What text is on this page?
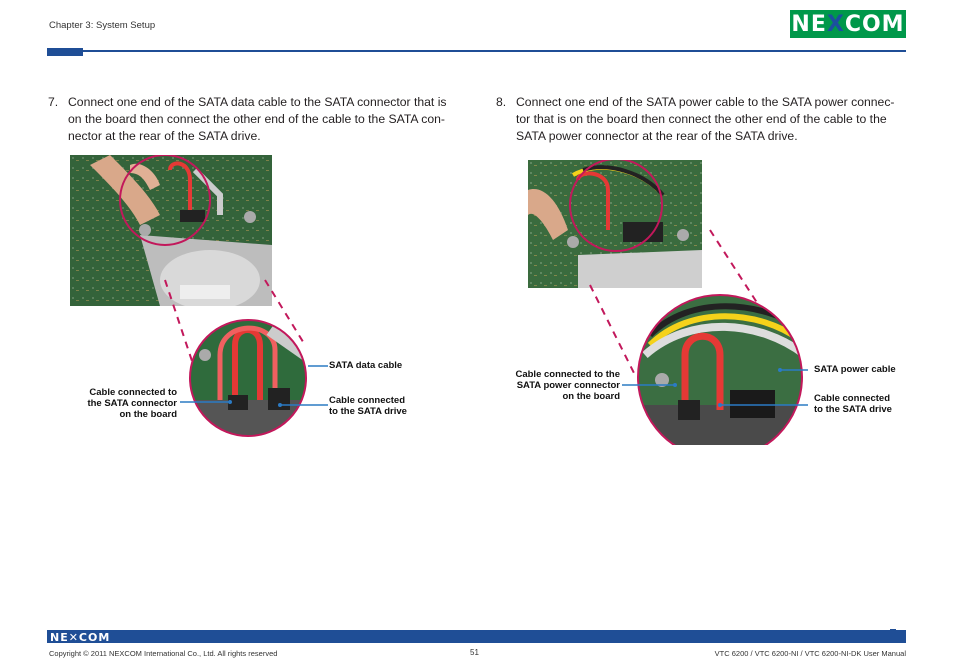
Chapter 3: System Setup	NE X COM
7. Connect one end of the SATA data cable to the SATA connector that is
on the board then connect the other end of the cable to the SATA con-
nector at the rear of the SATA drive.
8. Connect one end of the SATA power cable to the SATA power connec-
tor that is on the board then connect the other end of the cable to the
SATA power connector at the rear of the SATA drive.
SATA data cable
Cable connected to
the SATA connector
on the board
Cable connected
to the SATA drive
SATA power cable
Cable connected to the
SATA power connector
on the board	Cable connected
to the SATA drive
NE✕COM
Copyright © 2011 NEXCOM International Co., Ltd. All rights reserved	51	VTC 6200 / VTC 6200-NI / VTC 6200-NI-DK User Manual
